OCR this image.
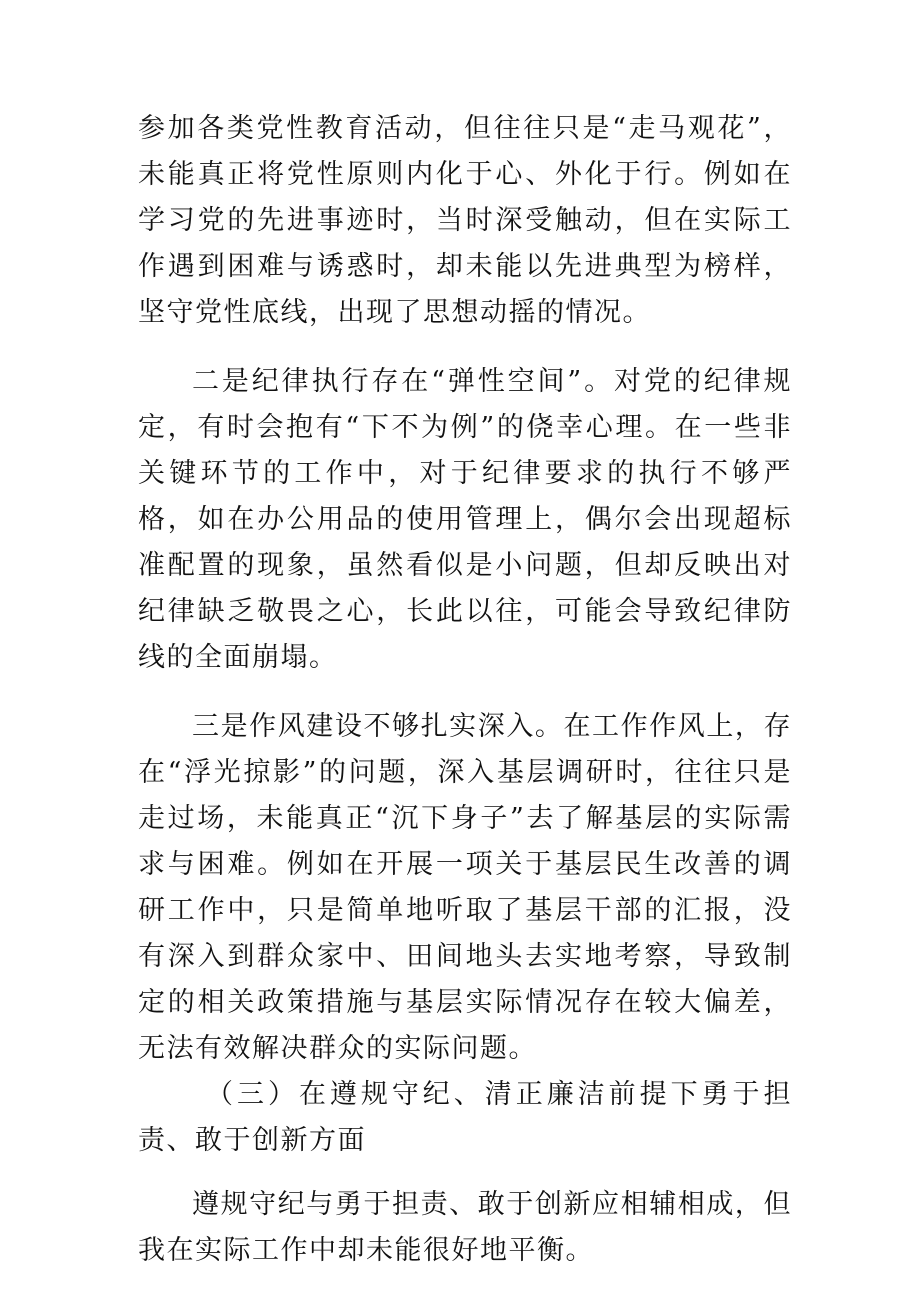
参加各类党性教育活动，但往往只是“走马观花”，未能真正将党性原则内化于心、外化于行。例如在学习党的先进事迹时，当时深受触动，但在实际工作遇到困难与诱惑时，却未能以先进典型为榜样，坚守党性底线，出现了思想动摇的情况。

二是纪律执行存在“弹性空间”。对党的纪律规定，有时会抱有“下不为例”的侥幸心理。在一些非关键环节的工作中，对于纪律要求的执行不够严格，如在办公用品的使用管理上，偶尔会出现超标准配置的现象，虽然看似是小问题，但却反映出对纪律缺乏敬畏之心，长此以往，可能会导致纪律防线的全面崩塌。

三是作风建设不够扎实深入。在工作作风上，存在“浮光掠影”的问题，深入基层调研时，往往只是走过场，未能真正“沉下身子”去了解基层的实际需求与困难。例如在开展一项关于基层民生改善的调研工作中，只是简单地听取了基层干部的汇报，没有深入到群众家中、田间地头去实地考察，导致制定的相关政策措施与基层实际情况存在较大偏差，无法有效解决群众的实际问题。

（三）在遵规守纪、清正廉洁前提下勇于担责、敢于创新方面

遵规守纪与勇于担责、敢于创新应相辅相成，但我在实际工作中却未能很好地平衡。
